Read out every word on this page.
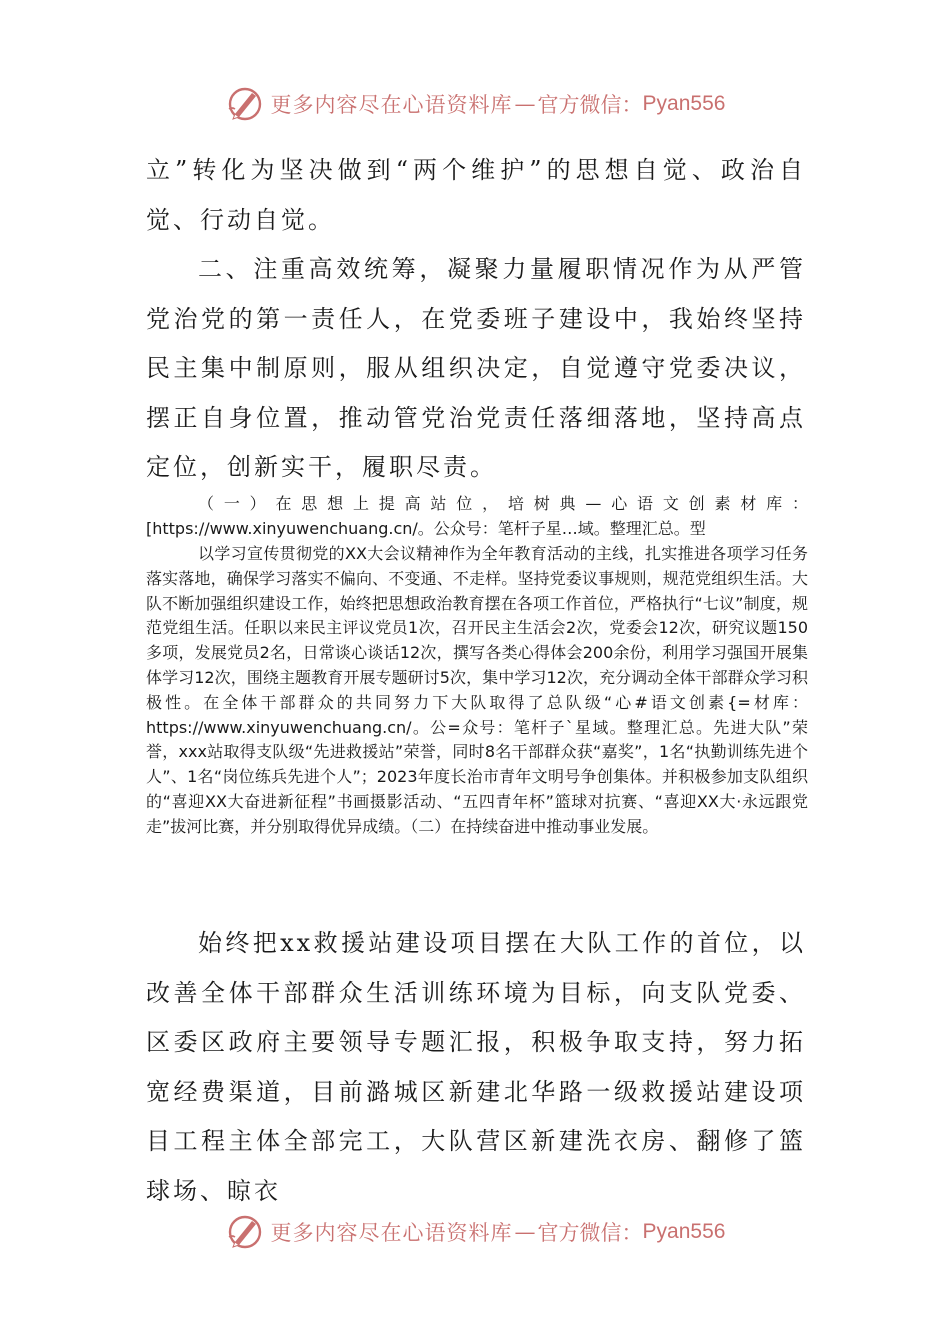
更多内容尽在心语资料库 — 官方微信： Pyan556

立”转化为坚决做到“两个维护”的思想自觉、政治自觉、行动自觉。

二、注重高效统筹，凝聚力量履职情况作为从严管党治党的第一责任人，在党委班子建设中，我始终坚持民主集中制原则，服从组织决定，自觉遵守党委决议，摆正自身位置，推动管党治党责任落细落地，坚持高点定位，创新实干，履职尽责。

（一）在思想上提高站位，培树典—心语文创素材库：[https://www.xinyuwenchuang.cn/。公众号：笔杆子星…域。整理汇总。型

以学习宣传贯彻党的XX大会议精神作为全年教育活动的主线，扎实推进各项学习任务落实落地，确保学习落实不偏向、不变通、不走样。坚持党委议事规则，规范党组织生活。大队不断加强组织建设工作，始终把思想政治教育摆在各项工作首位，严格执行“七议”制度，规范党组生活。任职以来民主评议党员1次，召开民主生活会2次，党委会12次，研究议题150多项，发展党员2名，日常谈心谈话12次，撰写各类心得体会200余份，利用学习强国开展集体学习12次，围绕主题教育开展专题研讨5次，集中学习12次，充分调动全体干部群众学习积极性。在全体干部群众的共同努力下大队取得了总队级“心#语文创素{=材库：https://www.xinyuwenchuang.cn/。公=众号：笔杆子`星域。整理汇总。先进大队”荣誉，xxx站取得支队级“先进救援站”荣誉，同时8名干部群众获“嘉奖”，1名“执勤训练先进个人”、1名“岗位练兵先进个人”；2023年度长治市青年文明号争创集体。并积极参加支队组织的“喜迎XX大奋进新征程”书画摄影活动、“五四青年杯”篮球对抗赛、“喜迎XX大·永远跟党走”拔河比赛，并分别取得优异成绩。（二）在持续奋进中推动事业发展。

始终把xx救援站建设项目摆在大队工作的首位，以改善全体干部群众生活训练环境为目标，向支队党委、区委区政府主要领导专题汇报，积极争取支持，努力拓宽经费渠道，目前潞城区新建北华路一级救援站建设项目工程主体全部完工，大队营区新建洗衣房、翻修了篮球场、晾衣

更多内容尽在心语资料库 — 官方微信： Pyan556
